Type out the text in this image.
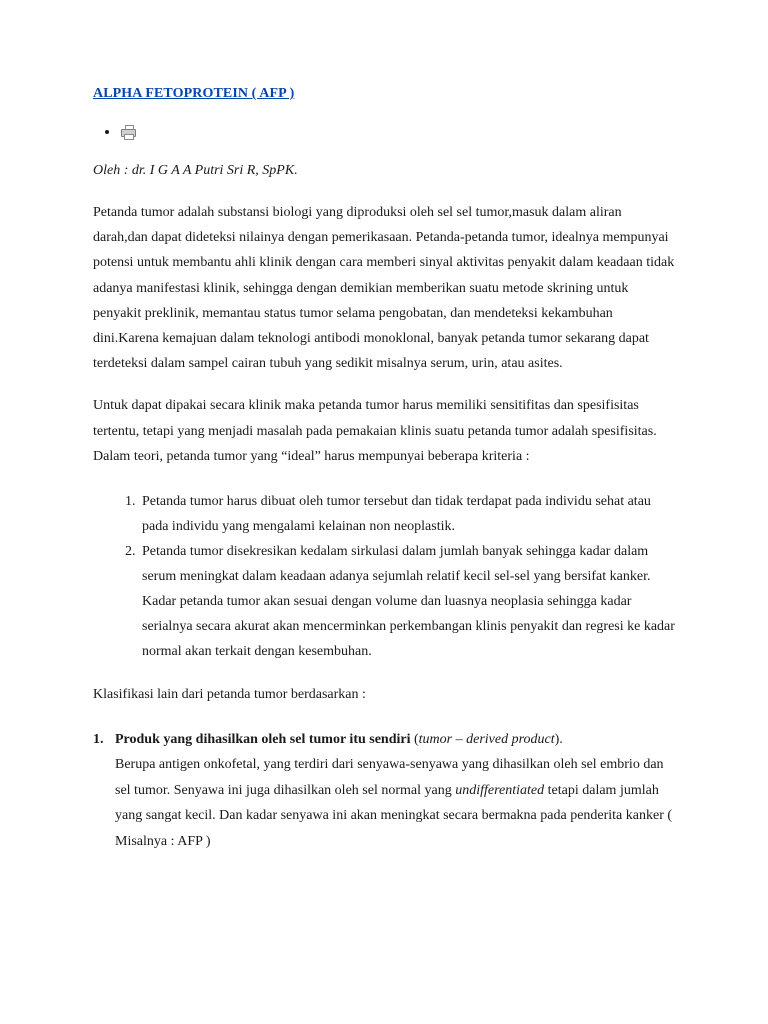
ALPHA FETOPROTEIN ( AFP )
•

Oleh : dr. I G A A Putri Sri R, SpPK.

Petanda tumor adalah substansi biologi yang diproduksi oleh sel sel tumor,masuk dalam aliran darah,dan dapat dideteksi nilainya dengan pemerikasaan. Petanda-petanda tumor, idealnya mempunyai potensi untuk membantu ahli klinik dengan cara memberi sinyal aktivitas penyakit dalam keadaan tidak adanya manifestasi klinik, sehingga dengan demikian memberikan suatu metode skrining untuk penyakit preklinik, memantau status tumor selama pengobatan, dan mendeteksi kekambuhan dini.Karena kemajuan dalam teknologi antibodi monoklonal, banyak petanda tumor sekarang dapat terdeteksi dalam sampel cairan tubuh yang sedikit misalnya serum, urin, atau asites.

Untuk dapat dipakai secara klinik maka petanda tumor harus memiliki sensitifitas dan spesifisitas tertentu, tetapi yang menjadi masalah pada pemakaian klinis suatu petanda tumor adalah spesifisitas. Dalam teori, petanda tumor yang “ideal” harus mempunyai beberapa kriteria :

1. Petanda tumor harus dibuat oleh tumor tersebut dan tidak terdapat pada individu sehat atau pada individu yang mengalami kelainan non neoplastik.
2. Petanda tumor disekresikan kedalam sirkulasi dalam jumlah banyak sehingga kadar dalam serum meningkat dalam keadaan adanya sejumlah relatif kecil sel-sel yang bersifat kanker. Kadar petanda tumor akan sesuai dengan volume dan luasnya neoplasia sehingga kadar serialnya secara akurat akan mencerminkan perkembangan klinis penyakit dan regresi ke kadar normal akan terkait dengan kesembuhan.

Klasifikasi lain dari petanda tumor berdasarkan :

1. Produk yang dihasilkan oleh sel tumor itu sendiri (tumor – derived product).

Berupa antigen onkofetal, yang terdiri dari senyawa-senyawa yang dihasilkan oleh sel embrio dan sel tumor. Senyawa ini juga dihasilkan oleh sel normal yang undifferentiated tetapi dalam jumlah yang sangat kecil. Dan kadar senyawa ini akan meningkat secara bermakna pada penderita kanker ( Misalnya : AFP )
